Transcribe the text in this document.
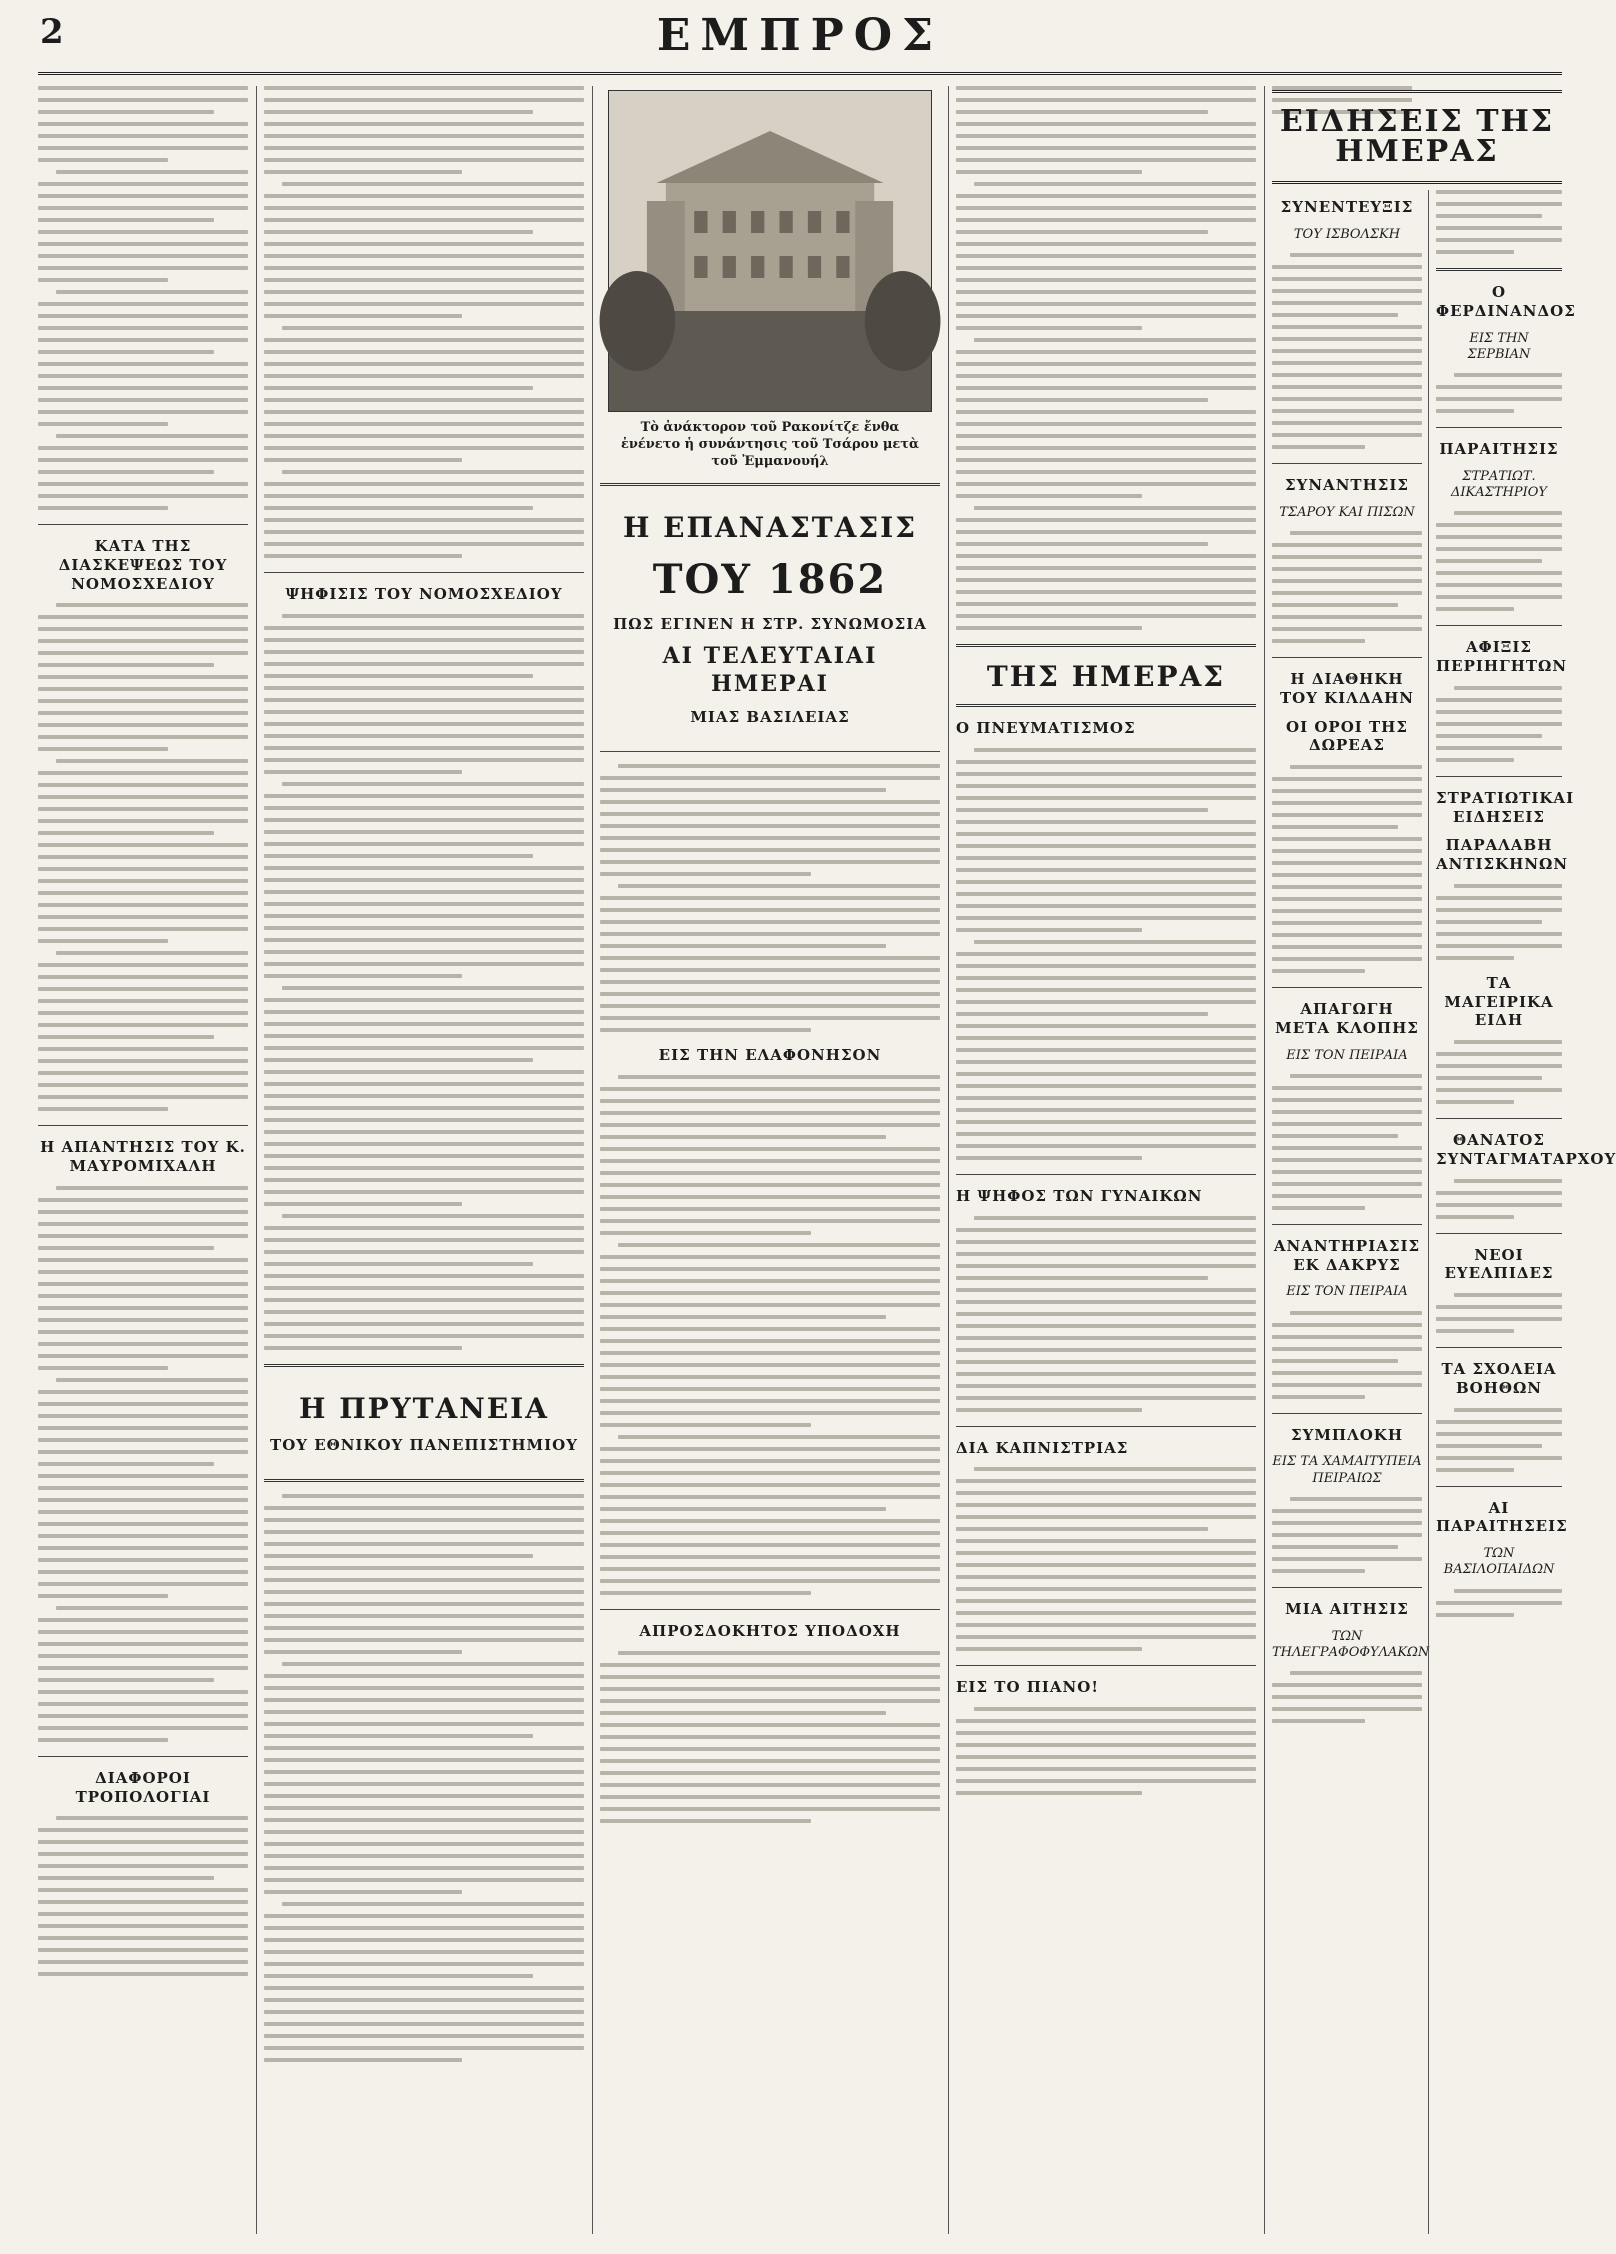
2	ΕΜΠΡΟΣ
ΚΑΤΑ ΤΗΣ ΔΙΑΣΚΕΨΕΩΣ ΤΟΥ ΝΟΜΟΣΧΕΔΙΟΥ
Η ΑΠΑΝΤΗΣΙΣ ΤΟΥ Κ. ΜΑΥΡΟΜΙΧΑΛΗ
ΔΙΑΦΟΡΟΙ ΤΡΟΠΟΛΟΓΙΑΙ
ΨΗΦΙΣΙΣ ΤΟΥ ΝΟΜΟΣΧΕΔΙΟΥ
Η ΠΡΥΤΑΝΕΙΑ
ΤΟΥ ΕΘΝΙΚΟΥ ΠΑΝΕΠΙΣΤΗΜΙΟΥ
Τὸ ἀνάκτορον τοῦ Ρακονίτζε ἔνθα ἐνένετο ἡ συνάντησις τοῦ Τσάρου μετὰ τοῦ Ἐμμανουήλ
Η ΕΠΑΝΑΣΤΑΣΙΣ
ΤΟΥ 1862
ΠΩΣ ΕΓΙΝΕΝ Η ΣΤΡ. ΣΥΝΩΜΟΣΙΑ
ΑΙ ΤΕΛΕΥΤΑΙΑΙ ΗΜΕΡΑΙ
ΜΙΑΣ ΒΑΣΙΛΕΙΑΣ
ΕΙΣ ΤΗΝ ΕΛΑΦΟΝΗΣΟΝ
ΑΠΡΟΣΔΟΚΗΤΟΣ ΥΠΟΔΟΧΗ
ΤΗΣ ΗΜΕΡΑΣ
Ο ΠΝΕΥΜΑΤΙΣΜΟΣ
Η ΨΗΦΟΣ ΤΩΝ ΓΥΝΑΙΚΩΝ
ΔΙΑ ΚΑΠΝΙΣΤΡΙΑΣ
ΕΙΣ ΤΟ ΠΙΑΝΟ!
ΕΙΔΗΣΕΙΣ ΤΗΣ ΗΜΕΡΑΣ
ΣΥΝΕΝΤΕΥΞΙΣ
ΤΟΥ ΙΣΒΟΛΣΚΗ
ΣΥΝΑΝΤΗΣΙΣ
ΤΣΑΡΟΥ ΚΑΙ ΠΙΣΩΝ
Η ΔΙΑΘΗΚΗ ΤΟΥ ΚΙΛΔΑΗΝ
ΟΙ ΟΡΟΙ ΤΗΣ ΔΩΡΕΑΣ
ΑΠΑΓΩΓΗ ΜΕΤΑ ΚΛΟΠΗΣ
ΕΙΣ ΤΟΝ ΠΕΙΡΑΙΑ
ΑΝΑΝΤΗΡΙΑΣΙΣ ΕΚ ΔΑΚΡΥΣ
ΕΙΣ ΤΟΝ ΠΕΙΡΑΙΑ
ΣΥΜΠΛΟΚΗ
ΕΙΣ ΤΑ ΧΑΜΑΙΤΥΠΕΙΑ ΠΕΙΡΑΙΩΣ
ΜΙΑ ΑΙΤΗΣΙΣ
ΤΩΝ ΤΗΛΕΓΡΑΦΟΦΥΛΑΚΩΝ
Ο ΦΕΡΔΙΝΑΝΔΟΣ
ΕΙΣ ΤΗΝ ΣΕΡΒΙΑΝ
ΠΑΡΑΙΤΗΣΙΣ
ΣΤΡΑΤΙΩΤ. ΔΙΚΑΣΤΗΡΙΟΥ
ΑΦΙΞΙΣ ΠΕΡΙΗΓΗΤΩΝ
ΣΤΡΑΤΙΩΤΙΚΑΙ ΕΙΔΗΣΕΙΣ
ΠΑΡΑΛΑΒΗ ΑΝΤΙΣΚΗΝΩΝ
ΤΑ ΜΑΓΕΙΡΙΚΑ ΕΙΔΗ
ΘΑΝΑΤΟΣ ΣΥΝΤΑΓΜΑΤΑΡΧΟΥ
ΝΕΟΙ ΕΥΕΛΠΙΔΕΣ
ΤΑ ΣΧΟΛΕΙΑ ΒΟΗΘΩΝ
ΑΙ ΠΑΡΑΙΤΗΣΕΙΣ
ΤΩΝ ΒΑΣΙΛΟΠΑΙΔΩΝ
